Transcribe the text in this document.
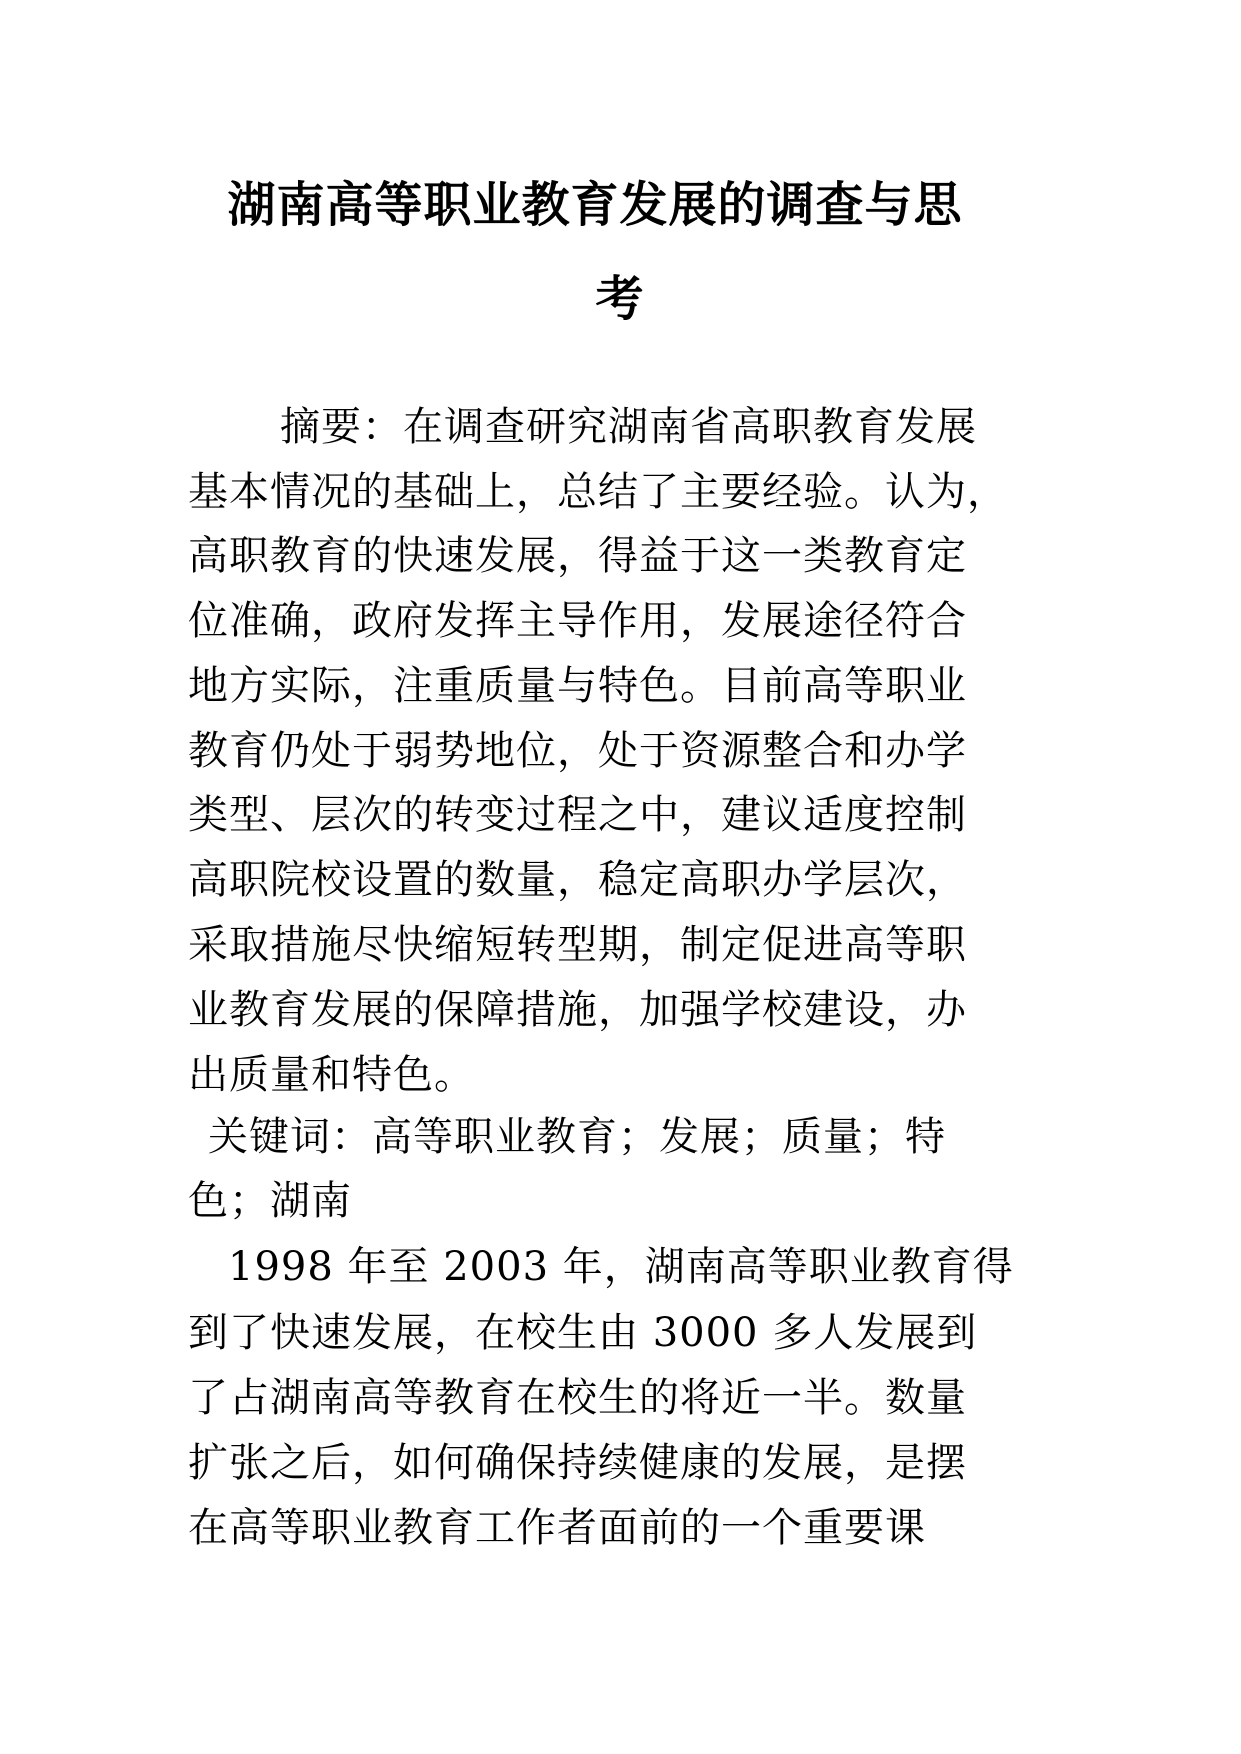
湖南高等职业教育发展的调查与思
考
摘要：在调查研究湖南省高职教育发展
基本情况的基础上，总结了主要经验。认为，
高职教育的快速发展，得益于这一类教育定
位准确，政府发挥主导作用，发展途径符合
地方实际，注重质量与特色。目前高等职业
教育仍处于弱势地位，处于资源整合和办学
类型、层次的转变过程之中，建议适度控制
高职院校设置的数量，稳定高职办学层次，
采取措施尽快缩短转型期，制定促进高等职
业教育发展的保障措施，加强学校建设，办
出质量和特色。
关键词：高等职业教育；发展；质量；特
色；湖南
1998 年至 2003 年，湖南高等职业教育得
到了快速发展，在校生由 3000 多人发展到
了占湖南高等教育在校生的将近一半。数量
扩张之后，如何确保持续健康的发展，是摆
在高等职业教育工作者面前的一个重要课
